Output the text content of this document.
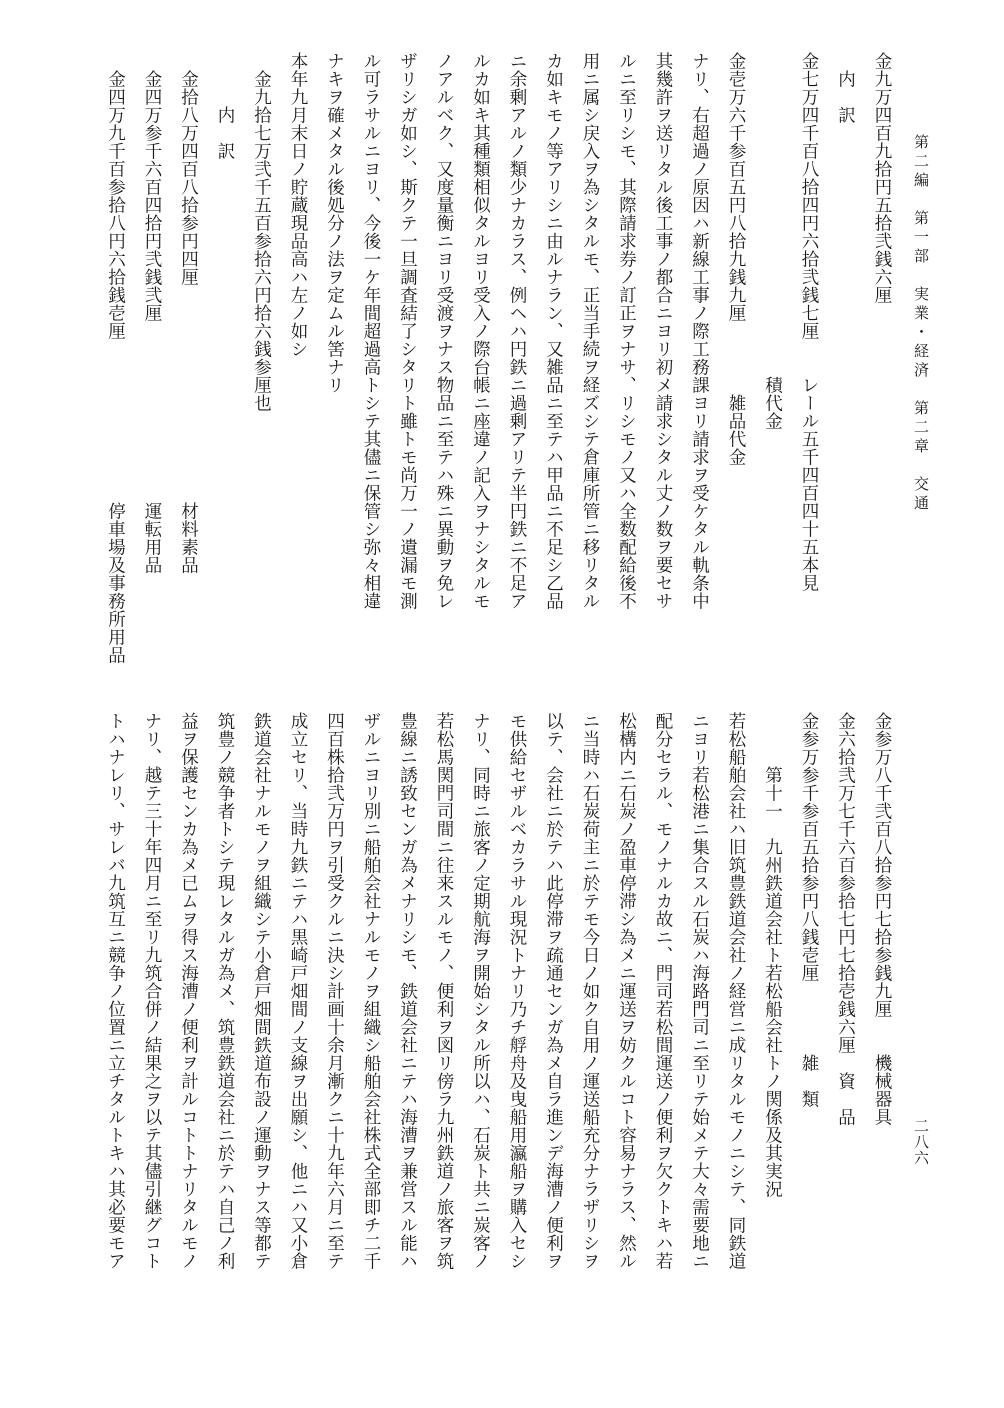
第二編　第一部　実業・経済　第二章　交通
二八六
金九万四百九拾円五拾弐銭六厘
　内　訳
金七万四千百八拾四円六拾弐銭七厘　　レール五千四百四十五本見
　　　　　　　　　　　　　　　　　　積代金
金壱万六千参百五円八拾九銭九厘　　　　雑品代金
ナリ、右超過ノ原因ハ新線工事ノ際工務課ヨリ請求ヲ受ケタル軌条中
其幾許ヲ送リタル後工事ノ都合ニヨリ初メ請求シタル丈ノ数ヲ要セサ
ルニ至リシモ、其際請求券ノ訂正ヲナサ、リシモノ又ハ全数配給後不
用ニ属シ戻入ヲ為シタルモ、正当手続ヲ経ズシテ倉庫所管ニ移リタル
カ如キモノ等アリシニ由ルナラン、又雑品ニ至テハ甲品ニ不足シ乙品
ニ余剰アルノ類少ナカラス、例ヘハ円鉄ニ過剰アリテ半円鉄ニ不足ア
ルカ如キ其種類相似タルヨリ受入ノ際台帳ニ座違ノ記入ヲナシタルモ
ノアルベク、又度量衡ニヨリ受渡ヲナス物品ニ至テハ殊ニ異動ヲ免レ
ザリシガ如シ、斯クテ一旦調査結了シタリト雖トモ尚万一ノ遺漏モ測
ル可ラサルニヨリ、今後一ケ年間超過高トシテ其儘ニ保管シ弥々相違
ナキヲ確メタル後処分ノ法ヲ定ムル筈ナリ
本年九月末日ノ貯蔵現品高ハ左ノ如シ
　金九拾七万弐千五百参拾六円拾六銭参厘也
　　　内　訳
　金拾八万四百八拾参円四厘　　　　　　　　　　　　材料素品
　金四万参千六百四拾円弐銭弐厘　　　　　　　　　　運転用品
　金四万九千百参拾八円六拾銭壱厘　　　　　　　　　停車場及事務所用品
金参万八千弐百八拾参円七拾参銭九厘　　機械器具
金六拾弐万七千六百参拾七円七拾壱銭六厘　資　品
金参万参千参百五拾参円八銭壱厘　　　　雑　類
　　　第十一　九州鉄道会社ト若松船会社トノ関係及其実況
若松船舶会社ハ旧筑豊鉄道会社ノ経営ニ成リタルモノニシテ、同鉄道
ニヨリ若松港ニ集合スル石炭ハ海路門司ニ至リテ始メテ大々需要地ニ
配分セラル、モノナルカ故ニ、門司若松間運送ノ便利ヲ欠クトキハ若
松構内ニ石炭ノ盈車停滞シ為メニ運送ヲ妨クルコト容易ナラス、然ル
ニ当時ハ石炭荷主ニ於テモ今日ノ如ク自用ノ運送船充分ナラザリシヲ
以テ、会社ニ於テハ此停滞ヲ疏通センガ為メ自ラ進ンデ海漕ノ便利ヲ
モ供給セザルベカラサル現況トナリ乃チ艀舟及曳船用瀛船ヲ購入セシ
ナリ、同時ニ旅客ノ定期航海ヲ開始シタル所以ハ、石炭ト共ニ炭客ノ
若松馬関門司間ニ往来スルモノ、便利ヲ図リ傍ラ九州鉄道ノ旅客ヲ筑
豊線ニ誘致センガ為メナリシモ、鉄道会社ニテハ海漕ヲ兼営スル能ハ
ザルニヨリ別ニ船舶会社ナルモノヲ組織シ船舶会社株式全部即チ二千
四百株拾弐万円ヲ引受クルニ決シ計画十余月漸クニ十九年六月ニ至テ
成立セリ、当時九鉄ニテハ黒崎戸畑間ノ支線ヲ出願シ、他ニハ又小倉
鉄道会社ナルモノヲ組織シテ小倉戸畑間鉄道布設ノ運動ヲナス等都テ
筑豊ノ競争者トシテ現レタルガ為メ、筑豊鉄道会社ニ於テハ自己ノ利
益ヲ保護センカ為メ已ムヲ得ス海漕ノ便利ヲ計ルコトトナリタルモノ
ナリ、越テ三十年四月ニ至リ九筑合併ノ結果之ヲ以テ其儘引継グコト
トハナレリ、サレバ九筑互ニ競争ノ位置ニ立チタルトキハ其必要モア
